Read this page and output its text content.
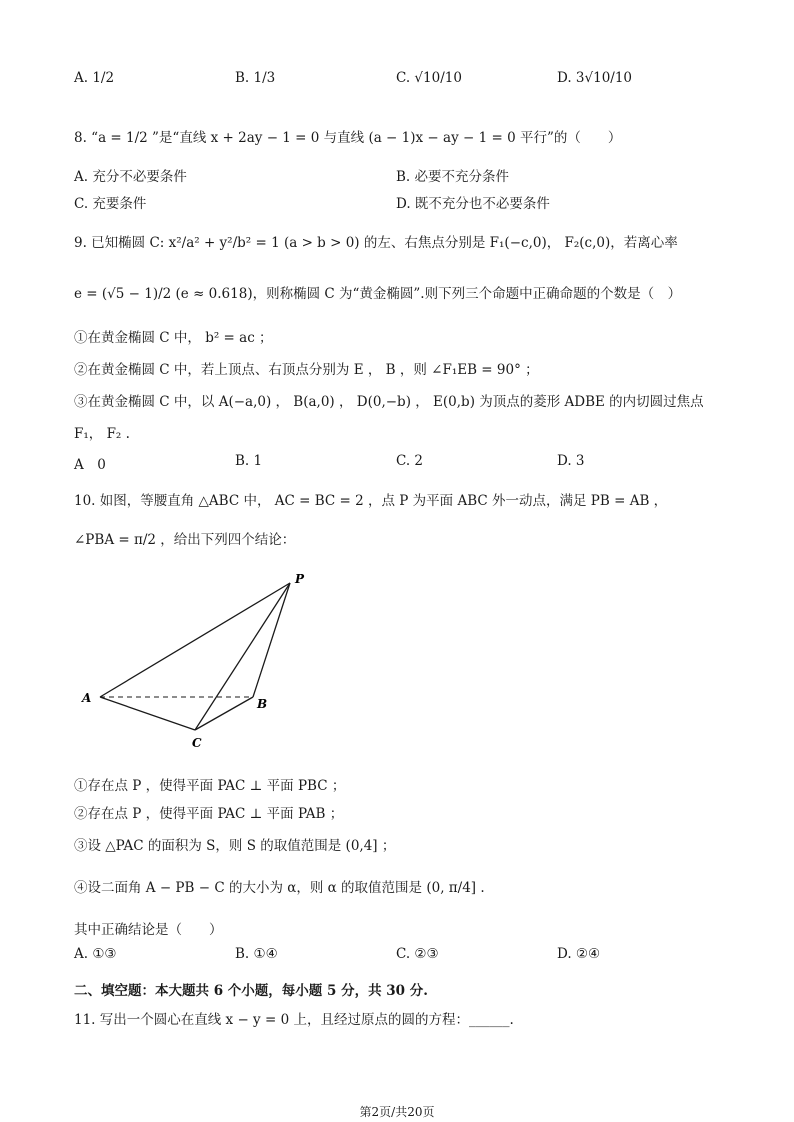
A. 1/2	B. 1/3	C. √10/10	D. 3√10/10
8. “a = 1/2 ”是“直线 x + 2ay − 1 = 0 与直线 (a − 1)x − ay − 1 = 0 平行”的（　　）
A. 充分不必要条件	B. 必要不充分条件
C. 充要条件	D. 既不充分也不必要条件
9. 已知椭圆 C: x²/a² + y²/b² = 1 (a > b > 0) 的左、右焦点分别是 F₁(−c,0)， F₂(c,0)，若离心率
e = (√5 − 1)/2 (e ≈ 0.618)，则称椭圆 C 为“黄金椭圆”.则下列三个命题中正确命题的个数是（　）
①在黄金椭圆 C 中， b² = ac ；
②在黄金椭圆 C 中，若上顶点、右顶点分别为 E ， B ，则 ∠F₁EB = 90° ；
③在黄金椭圆 C 中，以 A(−a,0) ， B(a,0) ， D(0,−b) ， E(0,b) 为顶点的菱形 ADBE 的内切圆过焦点
F₁， F₂ .
A　0	B. 1	C. 2	D. 3
10. 如图，等腰直角 △ABC 中， AC = BC = 2 ，点 P 为平面 ABC 外一动点，满足 PB = AB ，
∠PBA = π/2 ，给出下列四个结论：
P
A	B
C
①存在点 P ，使得平面 PAC ⊥ 平面 PBC ；
②存在点 P ，使得平面 PAC ⊥ 平面 PAB ；
③设 △PAC 的面积为 S，则 S 的取值范围是 (0,4] ；
④设二面角 A − PB − C 的大小为 α，则 α 的取值范围是 (0, π/4] .
其中正确结论是（　　）
A. ①③	B. ①④	C. ②③	D. ②④
二、填空题：本大题共 6 个小题，每小题 5 分，共 30 分.
11. 写出一个圆心在直线 x − y = 0 上，且经过原点的圆的方程：______.
第2页/共20页
